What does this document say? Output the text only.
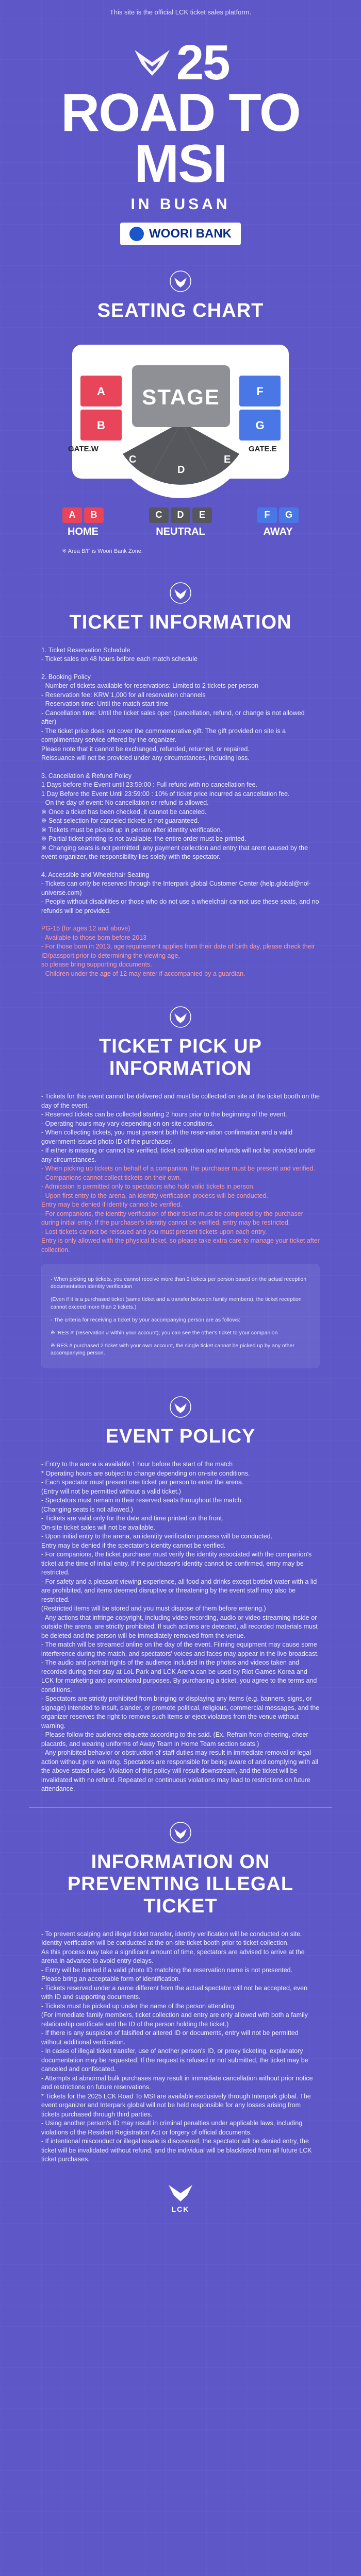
This site is the official LCK ticket sales platform.
25
ROAD TO
MSI
IN BUSAN
WOORI BANK
SEATING CHART
STAGE
A
B
C
D
E
F
G
GATE.W	GATE.E
A	B
HOME
C	D	E
NEUTRAL
F	G
AWAY
※ Area B/F is Woori Bank Zone.
TICKET INFORMATION

1. Ticket Reservation Schedule

- Ticket sales on 48 hours before each match schedule

2. Booking Policy

- Number of tickets available for reservations: Limited to 2 tickets per person

- Reservation fee: KRW 1,000 for all reservation channels

- Reservation time: Until the match start time

- Cancellation time: Until the ticket sales open (cancellation, refund, or change is not allowed after)

- The ticket price does not cover the commemorative gift. The gift provided on site is a complimentary service offered by the organizer.

Please note that it cannot be exchanged, refunded, returned, or repaired.

Reissuance will not be provided under any circumstances, including loss.

3. Cancellation & Refund Policy

1 Days before the Event until 23:59:00 : Full refund with no cancellation fee.

1 Day Before the Event Until 23:59:00 : 10% of ticket price incurred as cancellation fee.

- On the day of event: No cancellation or refund is allowed.

※ Once a ticket has been checked, it cannot be canceled.

※ Seat selection for canceled tickets is not guaranteed.

※ Tickets must be picked up in person after identity verification.

※ Partial ticket printing is not available; the entire order must be printed.

※ Changing seats is not permitted; any payment collection and entry that arent caused by the event organizer, the responsibility lies solely with the spectator.

4. Accessible and Wheelchair Seating

- Tickets can only be reserved through the Interpark global Customer Center (help.global@nol-universe.com)

- People without disabilities or those who do not use a wheelchair cannot use these seats, and no refunds will be provided.

PG-15 (for ages 12 and above)

- Available to those born before 2013

- For those born in 2013, age requirement applies from their date of birth day, please check their ID/passport prior to determining the viewing age,

so please bring supporting documents.

- Children under the age of 12 may enter if accompanied by a guardian.

TICKET PICK UP INFORMATION

- Tickets for this event cannot be delivered and must be collected on site at the ticket booth on the day of the event.

- Reserved tickets can be collected starting 2 hours prior to the beginning of the event.

- Operating hours may vary depending on on-site conditions.

- When collecting tickets, you must present both the reservation confirmation and a valid government-issued photo ID of the purchaser.

- If either is missing or cannot be verified, ticket collection and refunds will not be provided under any circumstances.

- When picking up tickets on behalf of a companion, the purchaser must be present and verified.

- Companions cannot collect tickets on their own.

- Admission is permitted only to spectators who hold valid tickets in person.

- Upon first entry to the arena, an identity verification process will be conducted.

Entry may be denied if identity cannot be verified.

- For companions, the identity verification of their ticket must be completed by the purchaser during initial entry. If the purchaser's identity cannot be verified, entry may be restricted.

- Lost tickets cannot be reissued and you must present tickets upon each entry.

Entry is only allowed with the physical ticket, so please take extra care to manage your ticket after collection.

- When picking up tickets, you cannot receive more than 2 tickets per person based on the actual reception documentation identity verification

(Even if it is a purchased ticket (same ticket and a transfer between family members), the ticket reception cannot exceed more than 2 tickets.)

- The criteria for receiving a ticket by your accompanying person are as follows:

※ 'RES #' (reservation # within your account); you can see the other's ticket to your companion

※ RES # purchased 2 ticket with your own account, the single ticket cannot be picked up by any other accompanying person.

EVENT POLICY

- Entry to the arena is available 1 hour before the start of the match

* Operating hours are subject to change depending on on-site conditions.

- Each spectator must present one ticket per person to enter the arena.

(Entry will not be permitted without a valid ticket.)

- Spectators must remain in their reserved seats throughout the match.

(Changing seats is not allowed.)

- Tickets are valid only for the date and time printed on the front.

On-site ticket sales will not be available.

- Upon initial entry to the arena, an identity verification process will be conducted.

Entry may be denied if the spectator's identity cannot be verified.

- For companions, the ticket purchaser must verify the identity associated with the companion's ticket at the time of initial entry. If the purchaser's identity cannot be confirmed, entry may be restricted.

- For safety and a pleasant viewing experience, all food and drinks except bottled water with a lid are prohibited, and items deemed disruptive or threatening by the event staff may also be restricted.

(Restricted items will be stored and you must dispose of them before entering.)

- Any actions that infringe copyright, including video recording, audio or video streaming inside or outside the arena, are strictly prohibited. If such actions are detected, all recorded materials must be deleted and the person will be immediately removed from the venue.

- The match will be streamed online on the day of the event. Filming equipment may cause some interference during the match, and spectators' voices and faces may appear in the live broadcast.

- The audio and portrait rights of the audience included in the photos and videos taken and recorded during their stay at LoL Park and LCK Arena can be used by Riot Games Korea and LCK for marketing and promotional purposes. By purchasing a ticket, you agree to the terms and conditions.

- Spectators are strictly prohibited from bringing or displaying any items (e.g. banners, signs, or signage) intended to insult, slander, or promote political, religious, commercial messages, and the organizer reserves the right to remove such items or eject violators from the venue without warning.

- Please follow the audience etiquette according to the said. (Ex. Refrain from cheering, cheer placards, and wearing uniforms of Away Team in Home Team section seats.)

- Any prohibited behavior or obstruction of staff duties may result in immediate removal or legal action without prior warning. Spectators are responsible for being aware of and complying with all the above-stated rules. Violation of this policy will result downstream, and the ticket will be invalidated with no refund. Repeated or continuous violations may lead to restrictions on future attendance.

INFORMATION ON PREVENTING ILLEGAL TICKET

- To prevent scalping and illegal ticket transfer, identity verification will be conducted on site.

Identity verification will be conducted at the on-site ticket booth prior to ticket collection.

As this process may take a significant amount of time, spectators are advised to arrive at the arena in advance to avoid entry delays.

- Entry will be denied if a valid photo ID matching the reservation name is not presented.

Please bring an acceptable form of identification.

- Tickets reserved under a name different from the actual spectator will not be accepted, even with ID and supporting documents.

- Tickets must be picked up under the name of the person attending.

(For immediate family members, ticket collection and entry are only allowed with both a family relationship certificate and the ID of the person holding the ticket.)

- If there is any suspicion of falsified or altered ID or documents, entry will not be permitted without additional verification.

- In cases of illegal ticket transfer, use of another person's ID, or proxy ticketing, explanatory documentation may be requested. If the request is refused or not submitted, the ticket may be canceled and confiscated.

- Attempts at abnormal bulk purchases may result in immediate cancellation without prior notice and restrictions on future reservations.

* Tickets for the 2025 LCK Road To MSI are available exclusively through Interpark global. The event organizer and Interpark global will not be held responsible for any losses arising from tickets purchased through third parties.

- Using another person's ID may result in criminal penalties under applicable laws, including violations of the Resident Registration Act or forgery of official documents.

- If intentional misconduct or illegal resale is discovered, the spectator will be denied entry, the ticket will be invalidated without refund, and the individual will be blacklisted from all future LCK ticket purchases.

LCK
